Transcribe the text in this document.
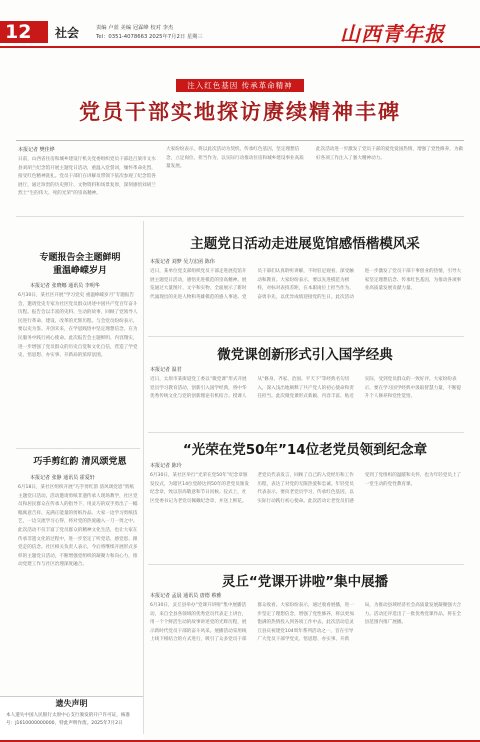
12	社会	责编 卢蓝 美编 冠霖峰 校对 李杰
Tel：0351-4078663 2025年7月2日 星期三	山西青年报
注入红色基因 传承革命精神
党员干部实地探访赓续精神丰碑
本报记者 樊佳烨
日前，山西省住房和城乡建设厅机关党委组织党员干部赴吕梁市文水县刘胡兰纪念馆开展主题党日活动，重温入党誓词，缅怀革命先烈，接受红色精神洗礼。党员干部们在讲解员带领下依次参观了纪念馆各展厅，通过珍贵的历史照片、文物资料和场景复原，深刻感悟刘胡兰烈士“生的伟大、死的光荣”的崇高精神。
大家纷纷表示，将以此次活动为契机，传承红色基因，坚定理想信念，立足岗位、担当作为，以实际行动推动住房和城乡建设事业高质量发展。
此次活动进一步激发了党员干部的爱党爱国热情，增强了党性修养，为做好各项工作注入了强大精神动力。
专题报告会主题鲜明
重温峥嵘岁月
本报记者 张晓娜 通讯员 李明华
6月30日，某社区开展“学习党史 重温峥嵘岁月”专题报告会，邀请党史专家为社区党员群众讲述中国共产党百年奋斗历程。报告会以丰富的史料、生动的故事，回顾了党领导人民进行革命、建设、改革的光辉历程。与会党员纷纷表示，要以史为鉴、开创未来，在学思践悟中坚定理想信念，在为民服务中践行初心使命。此次报告会主题鲜明、内容翔实，进一步增强了党员群众的历史自觉和文化自信，营造了学党史、悟思想、办实事、开新局的浓厚氛围。
巧手剪红韵 清风颂党恩
本报记者 张静 通讯员 霍爱轩
6月18日，某社区组织开展“巧手剪红韵 清风颂党恩”剪纸主题党日活动。活动邀请剪纸非遗传承人现场教学，社区党员和居民群众在传承人的指导下，用灵巧的双手剪出了一幅幅寓意吉祥、充满正能量的剪纸作品。大家一边学习剪纸技艺，一边交流学习心得，将对党的热爱融入一刀一剪之中。此次活动不仅丰富了党员群众的精神文化生活，也让大家在传承非遗文化的过程中，进一步坚定了听党话、感党恩、跟党走的信念。社区相关负责人表示，今后将继续开展形式多样的主题党日活动，不断增强党组织的凝聚力和向心力，推动党建工作与社区治理深度融合。
遗失声明
本人遗失中国人民银行太原中心支行颁发的开户许可证，核准号：J1610000000000，特此声明作废。2025年7月2日
主题党日活动走进展览馆感悟楷模风采
本报记者 刘梦 吴力宏函 陈伟
近日，某单位党支部组织党员干部走进展览馆开展主题党日活动，感悟先进模范的崇高精神。展览通过大量图片、文字和实物，全面展示了新时代涌现出的先进人物和英雄模范的感人事迹。党员干部们认真聆听讲解，不时驻足观看，深受触动和教育。大家纷纷表示，要以先进模范为榜样，对标对表找差距，在本职岗位上担当作为、奋勇争先，以优异成绩迎接党的生日。此次活动进一步激发了党员干部干事创业的热情，引导大家坚定理想信念、传承红色基因，为推动各项事业高质量发展贡献力量。
微党课创新形式引入国学经典
本报记者 温君
近日，太原市某街道党工委以“微党课”形式开展党员学习教育活动，创新引入国学经典，将中华优秀传统文化与党的创新理论有机结合。授课人从“修身、齐家、治国、平天下”等经典名句切入，深入浅出地阐释了共产党人的初心使命和责任担当。此次微党课形式新颖、内容丰富、贴近实际，受到党员群众的一致好评。大家纷纷表示，要在学习国学经典中汲取智慧力量，不断提升个人修养和党性觉悟。
“光荣在党50年”14位老党员领到纪念章
本报记者 陈玲
6月30日，某社区举行“光荣在党50年”纪念章颁发仪式，为辖区14位党龄达到50年的老党员颁发纪念章，致以崇高敬意和节日问候。仪式上，社区党委书记为老党员佩戴纪念章，并送上鲜花。老党员代表发言，回顾了自己的入党经历和工作历程，表达了对党的无限热爱和忠诚。年轻党员代表表示，要向老党员学习，传承红色基因，以实际行动践行初心使命。此次活动让老党员们感受到了党组织的温暖和关怀，也为年轻党员上了一堂生动的党性教育课。
灵丘“党课开讲啦”集中展播
本报记者 孟晨 通讯员 唐德 蔡雅
6月30日，灵丘县举办“党课开讲啦”集中展播活动，来自全县各领域的优秀党员代表走上讲台，用一个个鲜活生动的故事讲述党的光辉历程，展示新时代党员干部的奋斗风采。展播活动采用线上线下相结合的方式进行，吸引了众多党员干部群众收看。大家纷纷表示，通过收看展播，进一步坚定了理想信念，增强了党性修养，将以更加饱满的热情投入到各项工作中去。此次活动是灵丘县庆祝建党104周年系列活动之一，旨在引导广大党员干部学党史、悟思想、办实事、开新局，为推动县域经济社会高质量发展凝聚强大合力。活动还评选出了一批优秀党课作品，将在全县范围内推广展播。
